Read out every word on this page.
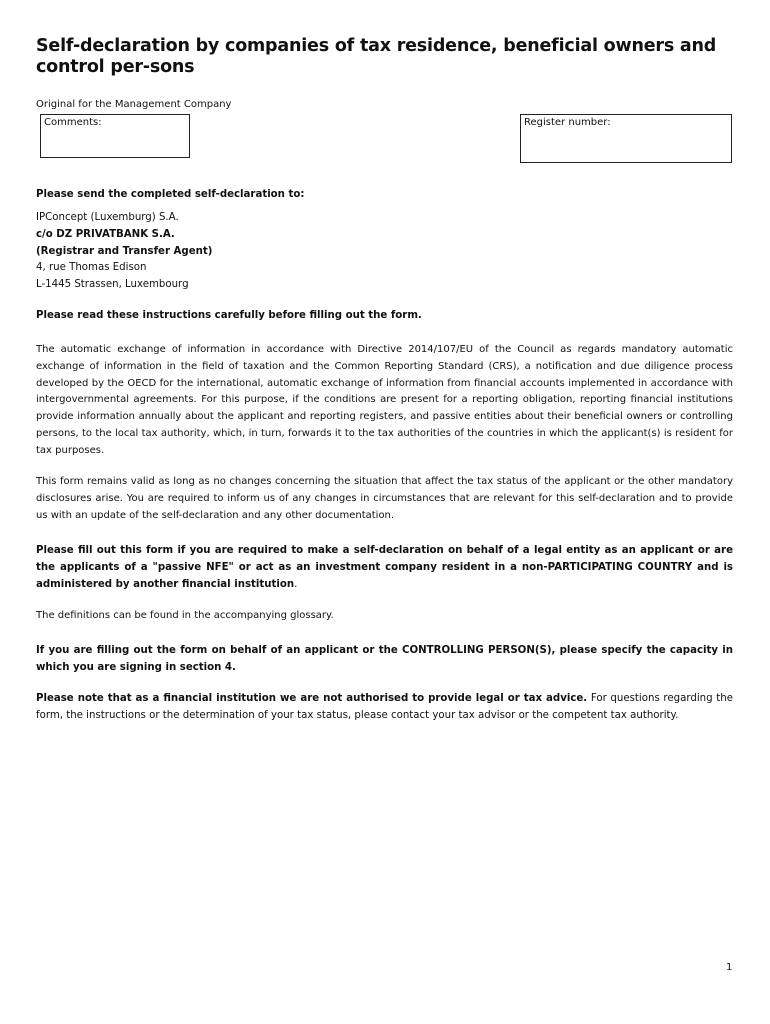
Self-declaration by companies of tax residence, beneficial owners and control per-sons
Original for the Management Company
Comments:	Register number:
Please send the completed self-declaration to:

IPConcept (Luxemburg) S.A.

c/o DZ PRIVATBANK S.A.

(Registrar and Transfer Agent)

4, rue Thomas Edison

L-1445 Strassen, Luxembourg

Please read these instructions carefully before filling out the form.
The automatic exchange of information in accordance with Directive 2014/107/EU of the Council as regards mandatory automatic exchange of information in the field of taxation and the Common Reporting Standard (CRS), a notification and due diligence process developed by the OECD for the international, automatic exchange of information from financial accounts implemented in accordance with intergovernmental agreements. For this purpose, if the conditions are present for a reporting obligation, reporting financial institutions provide information annually about the applicant and reporting registers, and passive entities about their beneficial owners or controlling persons, to the local tax authority, which, in turn, forwards it to the tax authorities of the countries in which the applicant(s) is resident for tax purposes.
This form remains valid as long as no changes concerning the situation that affect the tax status of the applicant or the other mandatory disclosures arise. You are required to inform us of any changes in circumstances that are relevant for this self-declaration and to provide us with an update of the self-declaration and any other documentation.
Please fill out this form if you are required to make a self-declaration on behalf of a legal entity as an applicant or are the applicants of a "passive NFE" or act as an investment company resident in a non-PARTICIPATING COUNTRY and is administered by another financial institution.
The definitions can be found in the accompanying glossary.
If you are filling out the form on behalf of an applicant or the CONTROLLING PERSON(S), please specify the capacity in which you are signing in section 4.
Please note that as a financial institution we are not authorised to provide legal or tax advice. For questions regarding the form, the instructions or the determination of your tax status, please contact your tax advisor or the competent tax authority.
1
